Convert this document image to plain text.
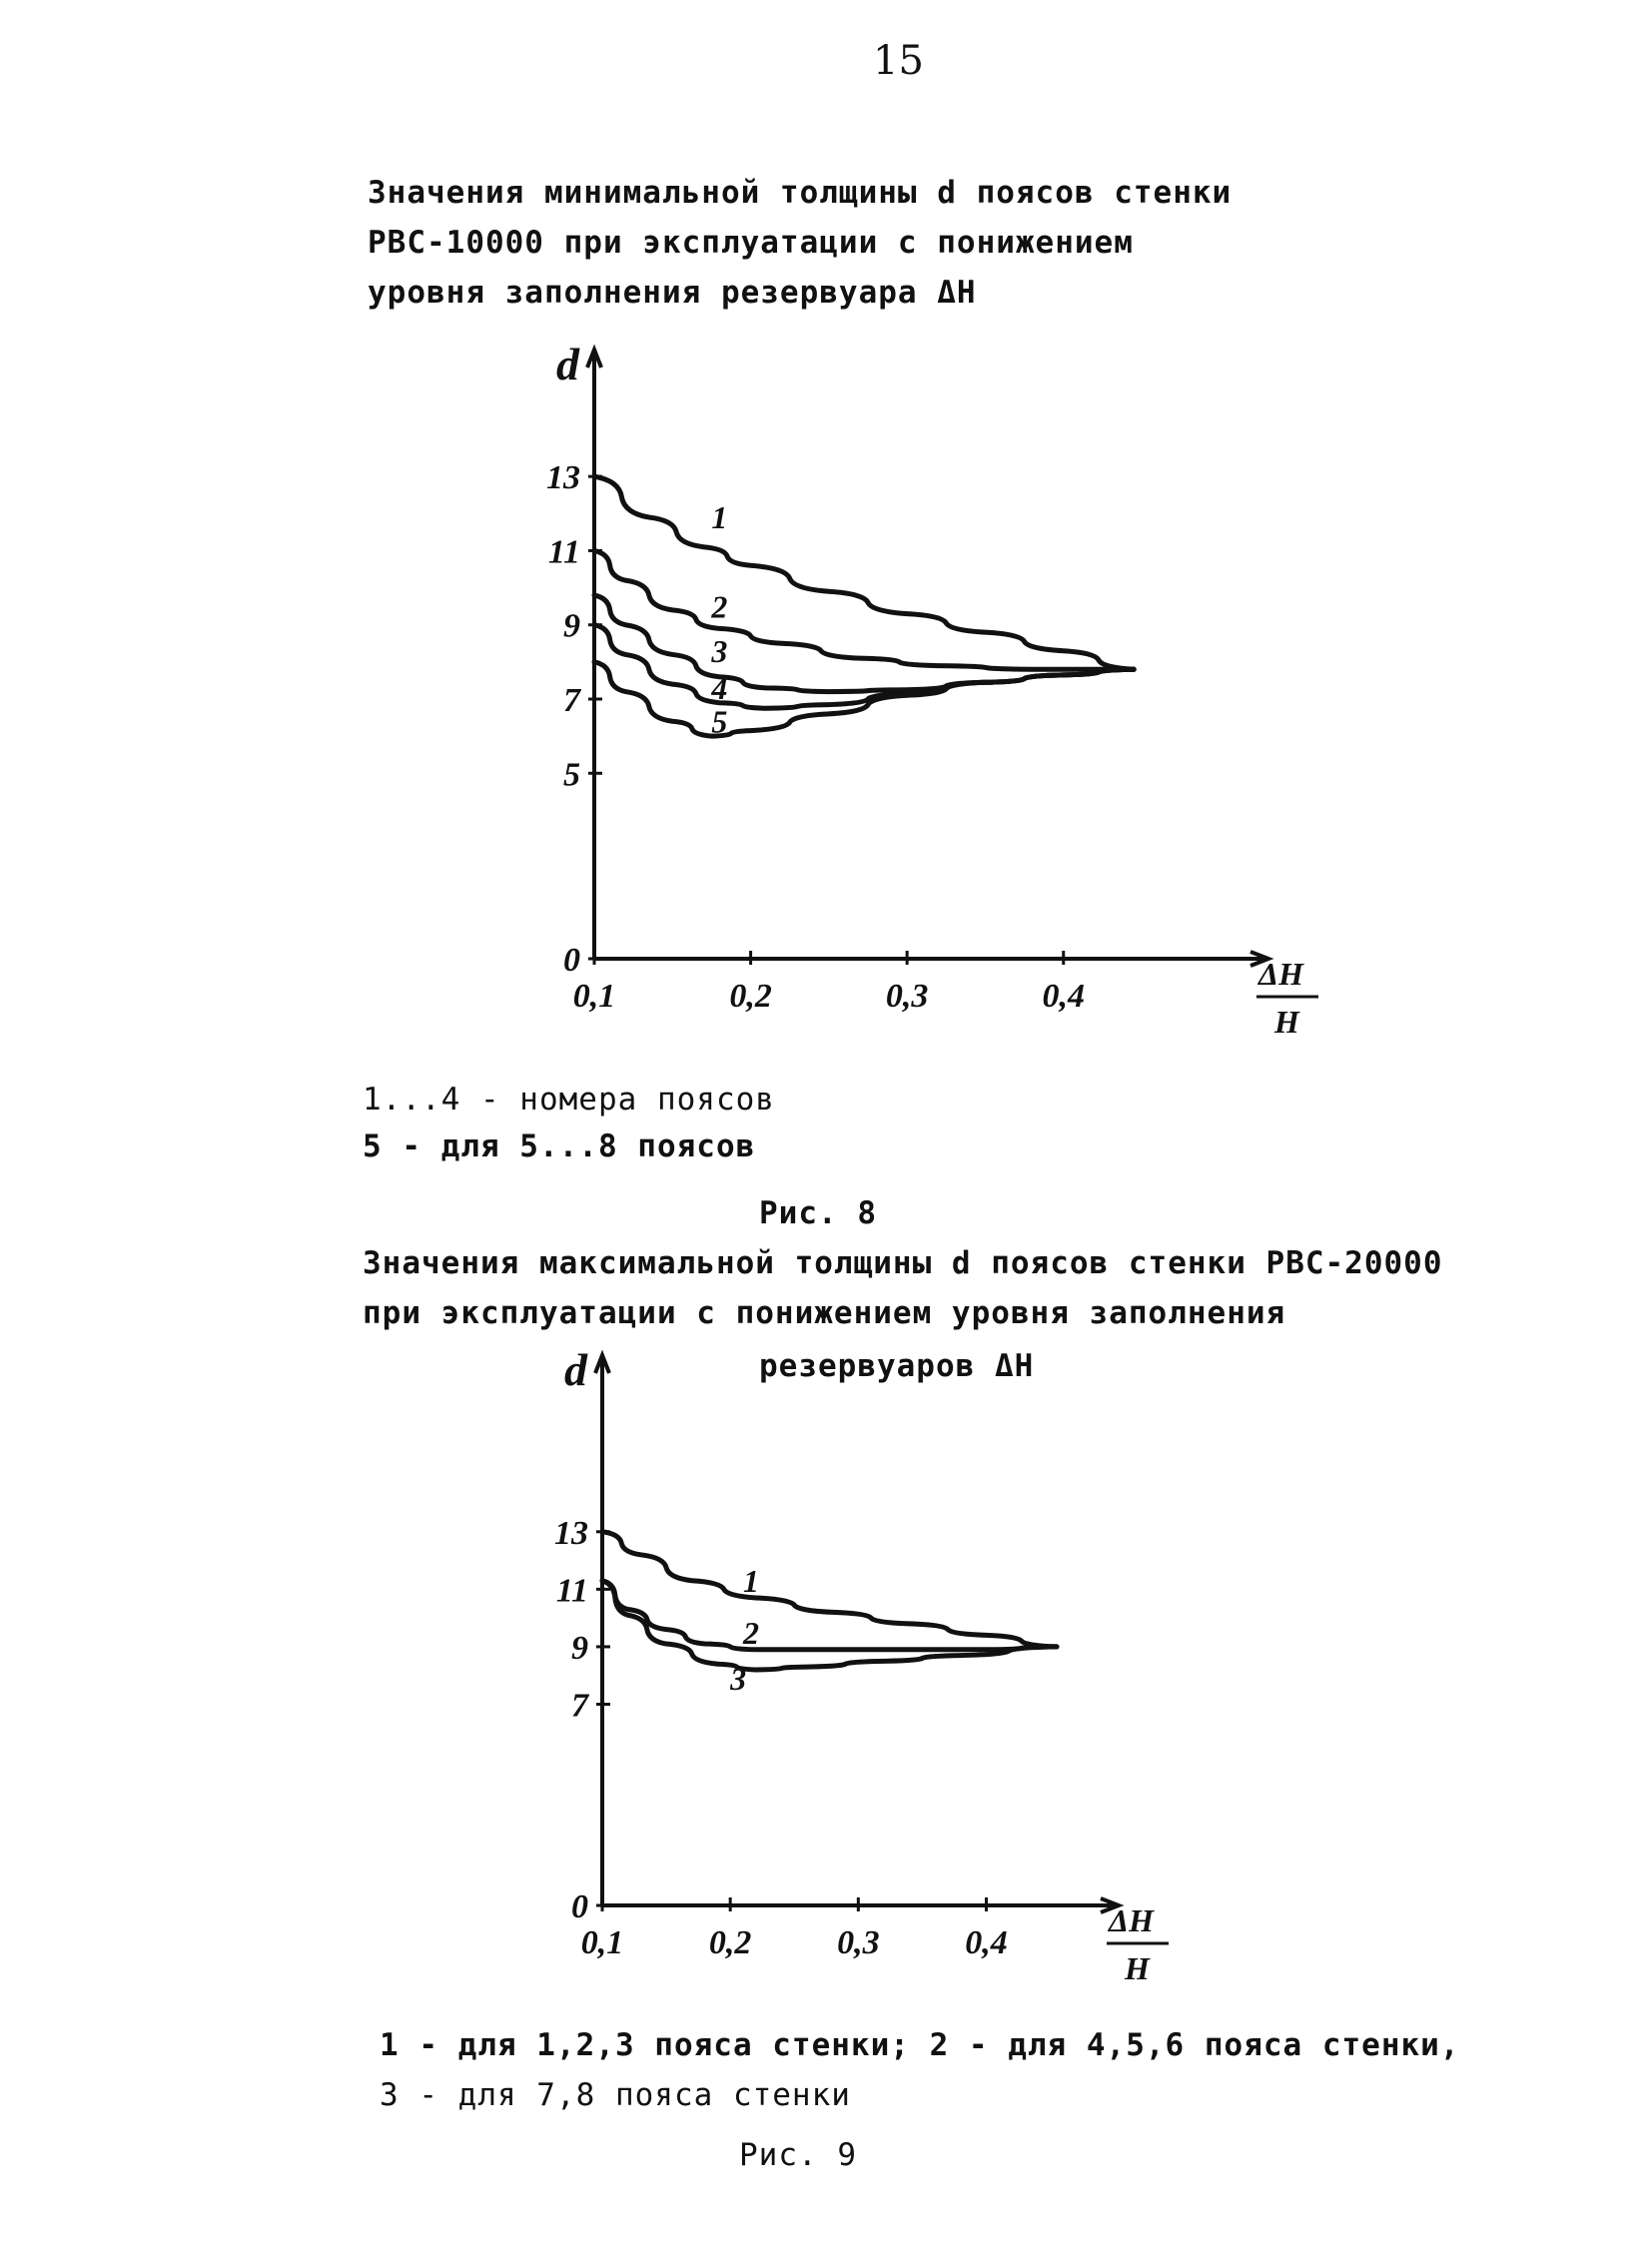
15
Значения минимальной толщины d поясов стенки
РВС-10000 при эксплуатации с понижением
уровня заполнения резервуара ΔH
d
ΔH
H
0
5
7
9
11
13
0,1	0,2	0,3	0,4
1
2
3
4
5
1...4 - номера поясов
5 - для 5...8 поясов
Рис. 8
Значения максимальной толщины d поясов стенки РВС-20000
при эксплуатации с понижением уровня заполнения
резервуаров ΔH
d
ΔH
H
0
7
9
11
13
0,1	0,2	0,3	0,4
1
2
3
1 - для 1,2,3 пояса стенки; 2 - для 4,5,6 пояса стенки,
3 - для 7,8 пояса стенки
Рис. 9
